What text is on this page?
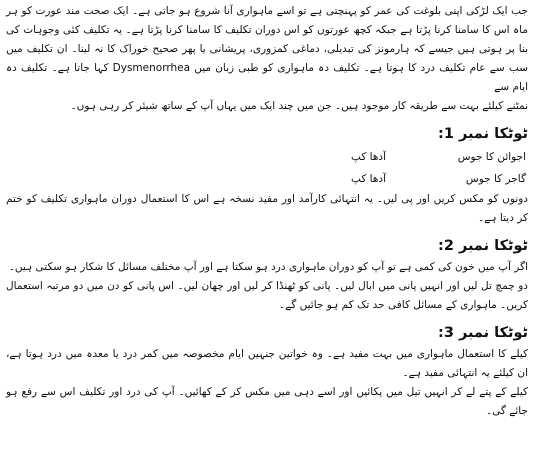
جب ایک لڑکی اپنی بلوغت کی عمر کو پہنچتی ہے تو اسے ماہواری آنا شروع ہو جاتی ہے۔ ایک صحت مند عورت کو ہر ماہ اس کا سامنا کرنا پڑتا ہے جبکہ کچھ عورتوں کو اس دوران تکلیف کا سامنا کرنا پڑتا ہے۔ یہ تکلیف کئی وجوہات کی بنا پر ہوتی ہیں جیسے کہ ہارمونز کی تبدیلی، دماغی کمزوری، پریشانی یا پھر صحیح خوراک کا نہ لینا۔ ان تکلیف میں سب سے عام تکلیف درد کا ہوتا ہے۔ تکلیف دہ ماہواری کو طبی زبان میں Dysmenorrhea کہا جاتا ہے۔ تکلیف دہ ایام سے

نمٹنے کیلئے بہت سے طریقہ کار موجود ہیں۔ جن میں چند ایک میں یہاں آپ کے ساتھ شیئر کر رہی ہوں۔

ٹوٹکا نمبر 1:
اجوائن کا جوس
آدھا کپ
گاجر کا جوس
آدھا کپ

دونوں کو مکس کریں اور پی لیں۔ یہ انتہائی کارآمد اور مفید نسخہ ہے اس کا استعمال دوران ماہواری تکلیف کو ختم کر دیتا ہے۔

ٹوٹکا نمبر 2:

اگر آپ میں خون کی کمی ہے تو آپ کو دوران ماہواری درد ہو سکتا ہے اور آپ مختلف مسائل کا شکار ہو سکتی ہیں۔

دو چمچ تل لیں اور انہیں پانی میں ابال لیں۔ پانی کو ٹھنڈا کر لیں اور چھان لیں۔ اس پانی کو دن میں دو مرتبہ استعمال کریں۔ ماہواری کے مسائل کافی حد تک کم ہو جائیں گے۔

ٹوٹکا نمبر 3:

کیلے کا استعمال ماہواری میں بہت مفید ہے۔ وہ خواتین جنہیں ایام مخصوصہ میں کمر درد یا معدہ میں درد ہوتا ہے، ان کیلئے یہ انتہائی مفید ہے۔

کیلے کے پتے لے کر انہیں تیل میں پکائیں اور اسے دہی میں مکس کر کے کھائیں۔ آپ کی درد اور تکلیف اس سے رفع ہو جائے گی۔
